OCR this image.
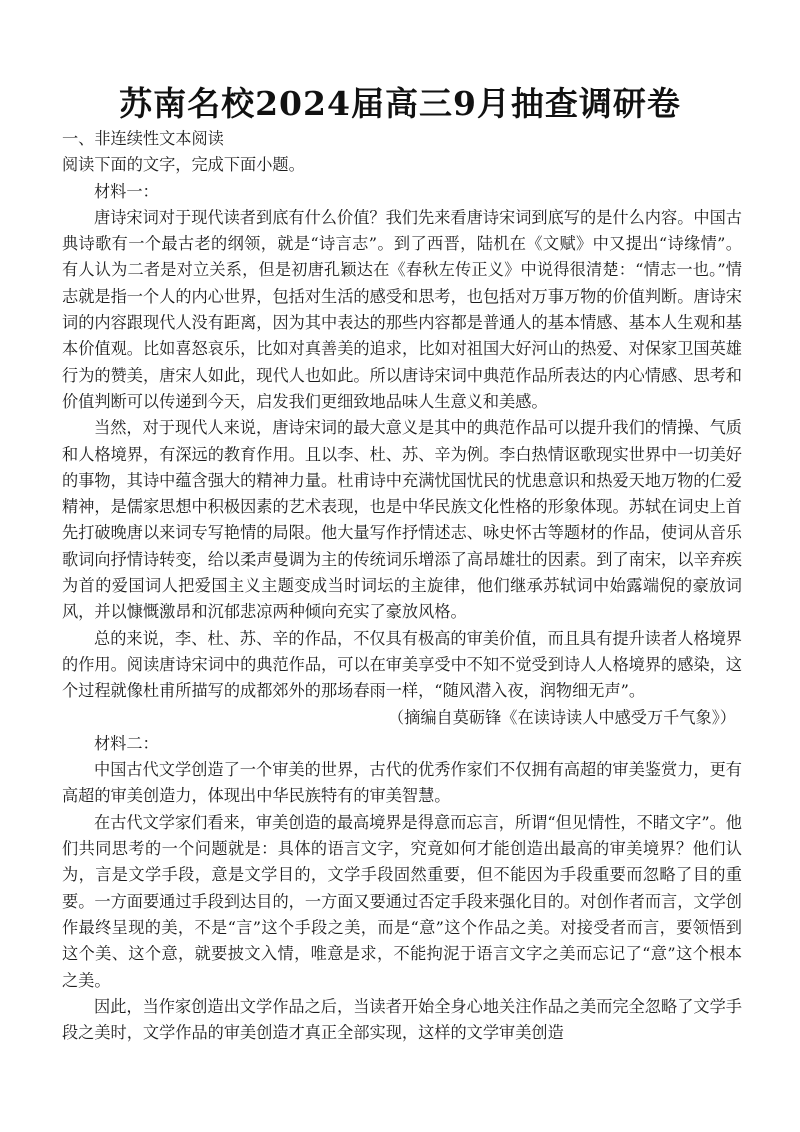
苏南名校2024届高三9月抽查调研卷
一、非连续性文本阅读
阅读下面的文字，完成下面小题。
材料一：
唐诗宋词对于现代读者到底有什么价值？我们先来看唐诗宋词到底写的是什么内容。中国古典诗歌有一个最古老的纲领，就是“诗言志”。到了西晋，陆机在《文赋》中又提出“诗缘情”。有人认为二者是对立关系，但是初唐孔颖达在《春秋左传正义》中说得很清楚：“情志一也。”情志就是指一个人的内心世界，包括对生活的感受和思考，也包括对万事万物的价值判断。唐诗宋词的内容跟现代人没有距离，因为其中表达的那些内容都是普通人的基本情感、基本人生观和基本价值观。比如喜怒哀乐，比如对真善美的追求，比如对祖国大好河山的热爱、对保家卫国英雄行为的赞美，唐宋人如此，现代人也如此。所以唐诗宋词中典范作品所表达的内心情感、思考和价值判断可以传递到今天，启发我们更细致地品味人生意义和美感。
当然，对于现代人来说，唐诗宋词的最大意义是其中的典范作品可以提升我们的情操、气质和人格境界，有深远的教育作用。且以李、杜、苏、辛为例。李白热情讴歌现实世界中一切美好的事物，其诗中蕴含强大的精神力量。杜甫诗中充满忧国忧民的忧患意识和热爱天地万物的仁爱精神，是儒家思想中积极因素的艺术表现，也是中华民族文化性格的形象体现。苏轼在词史上首先打破晚唐以来词专写艳情的局限。他大量写作抒情述志、咏史怀古等题材的作品，使词从音乐歌词向抒情诗转变，给以柔声曼调为主的传统词乐增添了高昂雄壮的因素。到了南宋，以辛弃疾为首的爱国词人把爱国主义主题变成当时词坛的主旋律，他们继承苏轼词中始露端倪的豪放词风，并以慷慨激昂和沉郁悲凉两种倾向充实了豪放风格。
总的来说，李、杜、苏、辛的作品，不仅具有极高的审美价值，而且具有提升读者人格境界的作用。阅读唐诗宋词中的典范作品，可以在审美享受中不知不觉受到诗人人格境界的感染，这个过程就像杜甫所描写的成都郊外的那场春雨一样，“随风潜入夜，润物细无声”。
（摘编自莫砺锋《在读诗读人中感受万千气象》）
材料二：
中国古代文学创造了一个审美的世界，古代的优秀作家们不仅拥有高超的审美鉴赏力，更有高超的审美创造力，体现出中华民族特有的审美智慧。
在古代文学家们看来，审美创造的最高境界是得意而忘言，所谓“但见情性，不睹文字”。他们共同思考的一个问题就是：具体的语言文字，究竟如何才能创造出最高的审美境界？他们认为，言是文学手段，意是文学目的，文学手段固然重要，但不能因为手段重要而忽略了目的重要。一方面要通过手段到达目的，一方面又要通过否定手段来强化目的。对创作者而言，文学创作最终呈现的美，不是“言”这个手段之美，而是“意”这个作品之美。对接受者而言，要领悟到这个美、这个意，就要披文入情，唯意是求，不能拘泥于语言文字之美而忘记了“意”这个根本之美。
因此，当作家创造出文学作品之后，当读者开始全身心地关注作品之美而完全忽略了文学手段之美时，文学作品的审美创造才真正全部实现，这样的文学审美创造
